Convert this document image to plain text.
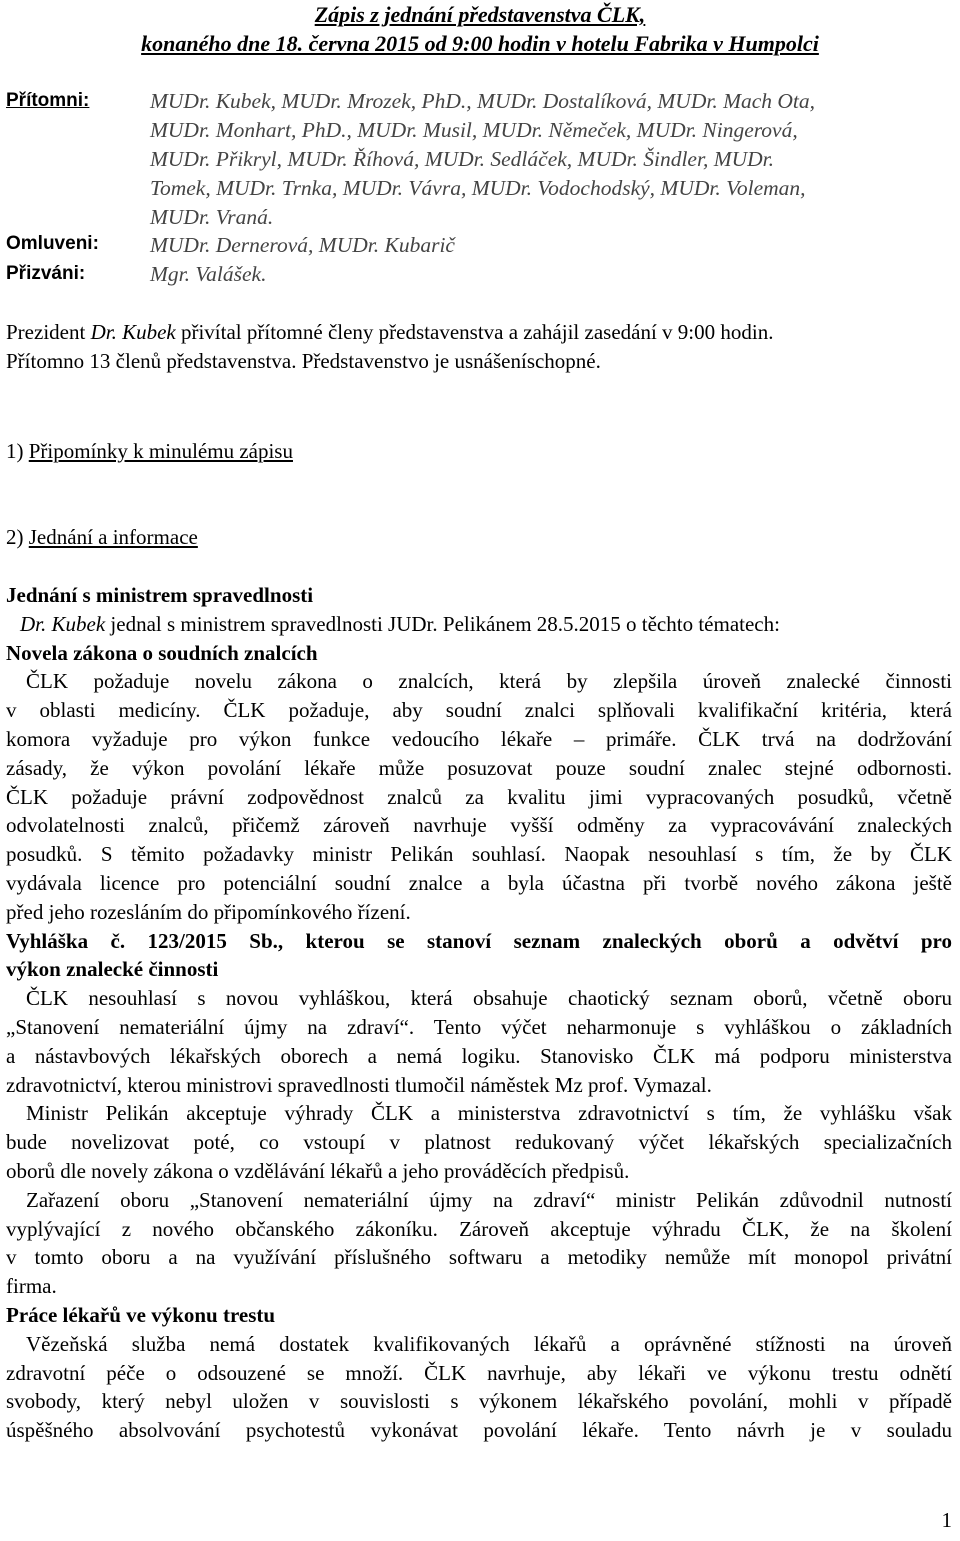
Zápis z jednání představenstva ČLK,
konaného dne 18. června 2015 od 9:00 hodin v hotelu Fabrika v Humpolci
Přítomni:	MUDr. Kubek, MUDr. Mrozek, PhD., MUDr. Dostalíková, MUDr. Mach Ota,
MUDr. Monhart, PhD., MUDr. Musil, MUDr. Němeček, MUDr. Ningerová,
MUDr. Přikryl, MUDr. Říhová, MUDr. Sedláček, MUDr. Šindler, MUDr.
Tomek, MUDr. Trnka, MUDr. Vávra, MUDr. Vodochodský, MUDr. Voleman,
MUDr. Vraná.
Omluveni: MUDr. Dernerová, MUDr. Kubarič
Přizváni:	Mgr. Valášek.
Prezident Dr. Kubek přivítal přítomné členy představenstva a zahájil zasedání v 9:00 hodin.
Přítomno 13 členů představenstva. Představenstvo je usnášeníschopné.
1) Připomínky k minulému zápisu
2) Jednání a informace
Jednání s ministrem spravedlnosti
Dr. Kubek jednal s ministrem spravedlnosti JUDr. Pelikánem 28.5.2015 o těchto tématech:
Novela zákona o soudních znalcích
ČLK požaduje novelu zákona o znalcích, která by zlepšila úroveň znalecké činnosti
v oblasti medicíny. ČLK požaduje, aby soudní znalci splňovali kvalifikační kritéria, která
komora vyžaduje pro výkon funkce vedoucího lékaře – primáře. ČLK trvá na dodržování
zásady, že výkon povolání lékaře může posuzovat pouze soudní znalec stejné odbornosti.
ČLK požaduje právní zodpovědnost znalců za kvalitu jimi vypracovaných posudků, včetně
odvolatelnosti znalců, přičemž zároveň navrhuje vyšší odměny za vypracovávání znaleckých
posudků. S těmito požadavky ministr Pelikán souhlasí. Naopak nesouhlasí s tím, že by ČLK
vydávala licence pro potenciální soudní znalce a byla účastna při tvorbě nového zákona ještě
před jeho rozesláním do připomínkového řízení.
Vyhláška č. 123/2015 Sb., kterou se stanoví seznam znaleckých oborů a odvětví pro
výkon znalecké činnosti
ČLK nesouhlasí s novou vyhláškou, která obsahuje chaotický seznam oborů, včetně oboru
„Stanovení nemateriální újmy na zdraví“. Tento výčet neharmonuje s vyhláškou o základních
a nástavbových lékařských oborech a nemá logiku. Stanovisko ČLK má podporu ministerstva
zdravotnictví, kterou ministrovi spravedlnosti tlumočil náměstek Mz prof. Vymazal.
Ministr Pelikán akceptuje výhrady ČLK a ministerstva zdravotnictví s tím, že vyhlášku však
bude novelizovat poté, co vstoupí v platnost redukovaný výčet lékařských specializačních
oborů dle novely zákona o vzdělávání lékařů a jeho prováděcích předpisů.
Zařazení oboru „Stanovení nemateriální újmy na zdraví“ ministr Pelikán zdůvodnil nutností
vyplývající z nového občanského zákoníku. Zároveň akceptuje výhradu ČLK, že na školení
v tomto oboru a na využívání příslušného softwaru a metodiky nemůže mít monopol privátní
firma.
Práce lékařů ve výkonu trestu
Vězeňská služba nemá dostatek kvalifikovaných lékařů a oprávněné stížnosti na úroveň
zdravotní péče o odsouzené se množí. ČLK navrhuje, aby lékaři ve výkonu trestu odnětí
svobody, který nebyl uložen v souvislosti s výkonem lékařského povolání, mohli v případě
úspěšného absolvování psychotestů vykonávat povolání lékaře. Tento návrh je v souladu
1
